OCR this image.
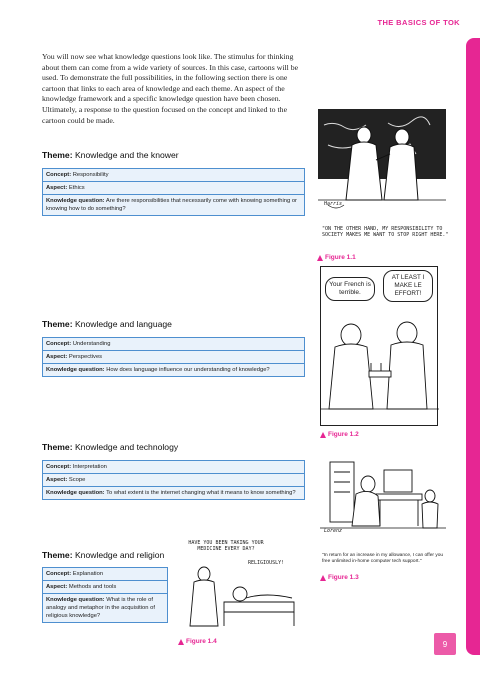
THE BASICS OF TOK

You will now see what knowledge questions look like. The stimulus for thinking about them can come from a wide variety of sources. In this case, cartoons will be used. To demonstrate the full possibilities, in the following section there is one cartoon that links to each area of knowledge and each theme. An aspect of the knowledge framework and a specific knowledge question have been chosen. Ultimately, a response to the question focused on the concept and linked to the cartoon could be made.

Theme: Knowledge and the knower
Concept: Responsibility
Aspect: Ethics
Knowledge question: Are there responsibilities that necessarily come with knowing something or knowing how to do something?
Theme: Knowledge and language
Concept: Understanding
Aspect: Perspectives
Knowledge question: How does language influence our understanding of knowledge?
Theme: Knowledge and technology
Concept: Interpretation
Aspect: Scope
Knowledge question: To what extent is the internet changing what it means to know something?
Theme: Knowledge and religion
Concept: Explanation
Aspect: Methods and tools
Knowledge question: What is the role of analogy and metaphor in the acquisition of religious knowledge?
Harris
"ON THE OTHER HAND, MY RESPONSIBILITY TO SOCIETY MAKES ME WANT TO STOP RIGHT HERE."
Figure 1.1
Your French is terrible.
AT LEAST I MAKE LE EFFORT!
Figure 1.2
Lorenz
"In return for an increase in my allowance, I can offer you free unlimited in-home computer tech support."
Figure 1.3
HAVE YOU BEEN TAKING YOUR MEDICINE EVERY DAY?
RELIGIOUSLY!
Figure 1.4	9
